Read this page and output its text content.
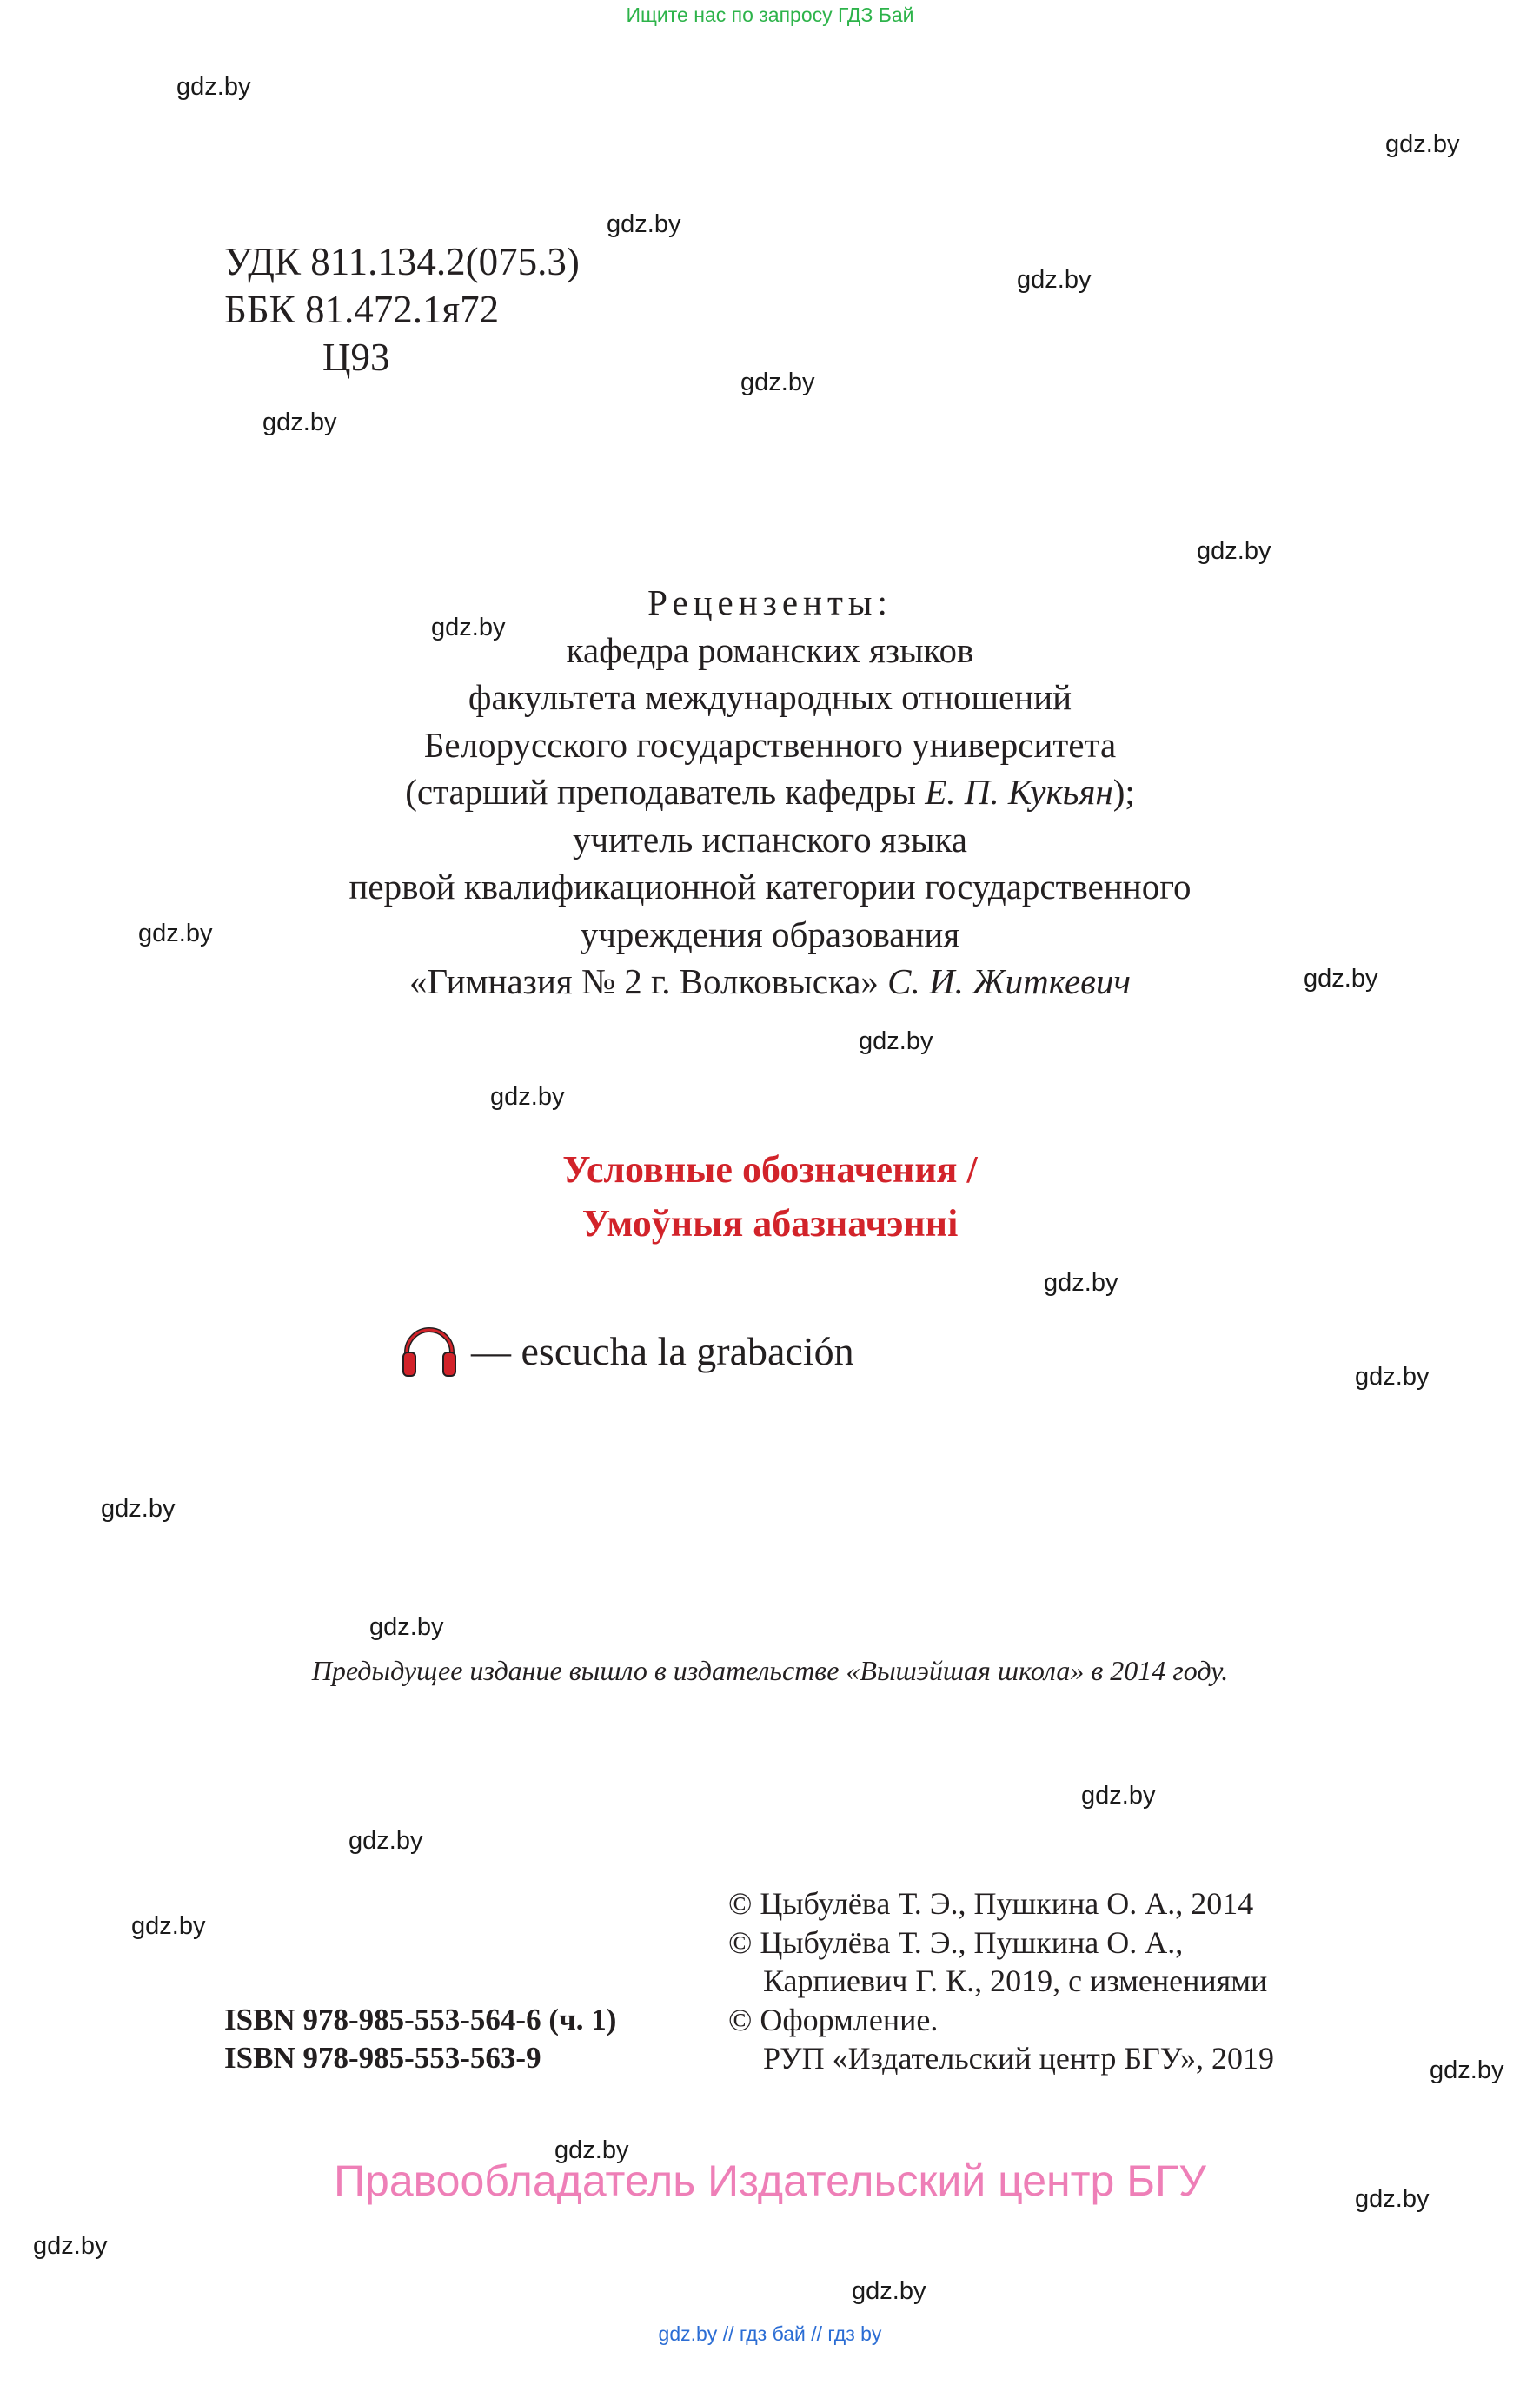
Ищите нас по запросу ГДЗ Бай
gdz.by
gdz.by
gdz.by
gdz.by
gdz.by
gdz.by
gdz.by
gdz.by
gdz.by
gdz.by
gdz.by
gdz.by
gdz.by
gdz.by
gdz.by
gdz.by
gdz.by
gdz.by
gdz.by
gdz.by
gdz.by
gdz.by
gdz.by
gdz.by
УДК 811.134.2(075.3)
ББК 81.472.1я72
Ц93
Рецензенты:
кафедра романских языков
факультета международных отношений
Белорусского государственного университета
(старший преподаватель кафедры Е. П. Кукьян);
учитель испанского языка
первой квалификационной категории государственного
учреждения образования
«Гимназия № 2 г. Волковыска» С. И. Житкевич
Условные обозначения /
Умоўныя абазначэнні
— escucha la grabación
Предыдущее издание вышло в издательстве «Вышэйшая школа» в 2014 году.
ISBN 978-985-553-564-6 (ч. 1)
ISBN 978-985-553-563-9
© Цыбулёва Т. Э., Пушкина О. А., 2014
© Цыбулёва Т. Э., Пушкина О. А.,
Карпиевич Г. К., 2019, с изменениями
© Оформление.
РУП «Издательский центр БГУ», 2019
Правообладатель Издательский центр БГУ
gdz.by // гдз бай // гдз by
